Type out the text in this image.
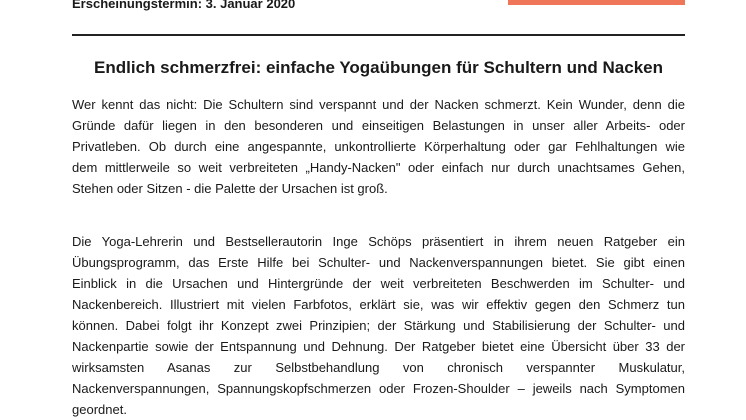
Erscheinungstermin: 3. Januar 2020
Endlich schmerzfrei: einfache Yogaübungen für Schultern und Nacken
Wer kennt das nicht: Die Schultern sind verspannt und der Nacken schmerzt. Kein Wunder, denn die
Gründe dafür liegen in den besonderen und einseitigen Belastungen in unser aller Arbeits- oder
Privatleben. Ob durch eine angespannte, unkontrollierte Körperhaltung oder gar Fehlhaltungen wie
dem mittlerweile so weit verbreiteten „Handy-Nacken" oder einfach nur durch unachtsames Gehen,
Stehen oder Sitzen - die Palette der Ursachen ist groß.
Die Yoga-Lehrerin und Bestsellerautorin Inge Schöps präsentiert in ihrem neuen Ratgeber ein
Übungsprogramm, das Erste Hilfe bei Schulter- und Nackenverspannungen bietet. Sie gibt einen
Einblick in die Ursachen und Hintergründe der weit verbreiteten Beschwerden im Schulter- und
Nackenbereich. Illustriert mit vielen Farbfotos, erklärt sie, was wir effektiv gegen den Schmerz tun
können. Dabei folgt ihr Konzept zwei Prinzipien; der Stärkung und Stabilisierung der Schulter- und
Nackenpartie sowie der Entspannung und Dehnung. Der Ratgeber bietet eine Übersicht über 33 der
wirksamsten Asanas zur Selbstbehandlung von chronisch verspannter Muskulatur,
Nackenverspannungen, Spannungskopfschmerzen oder Frozen-Shoulder – jeweils nach Symptomen
geordnet.
